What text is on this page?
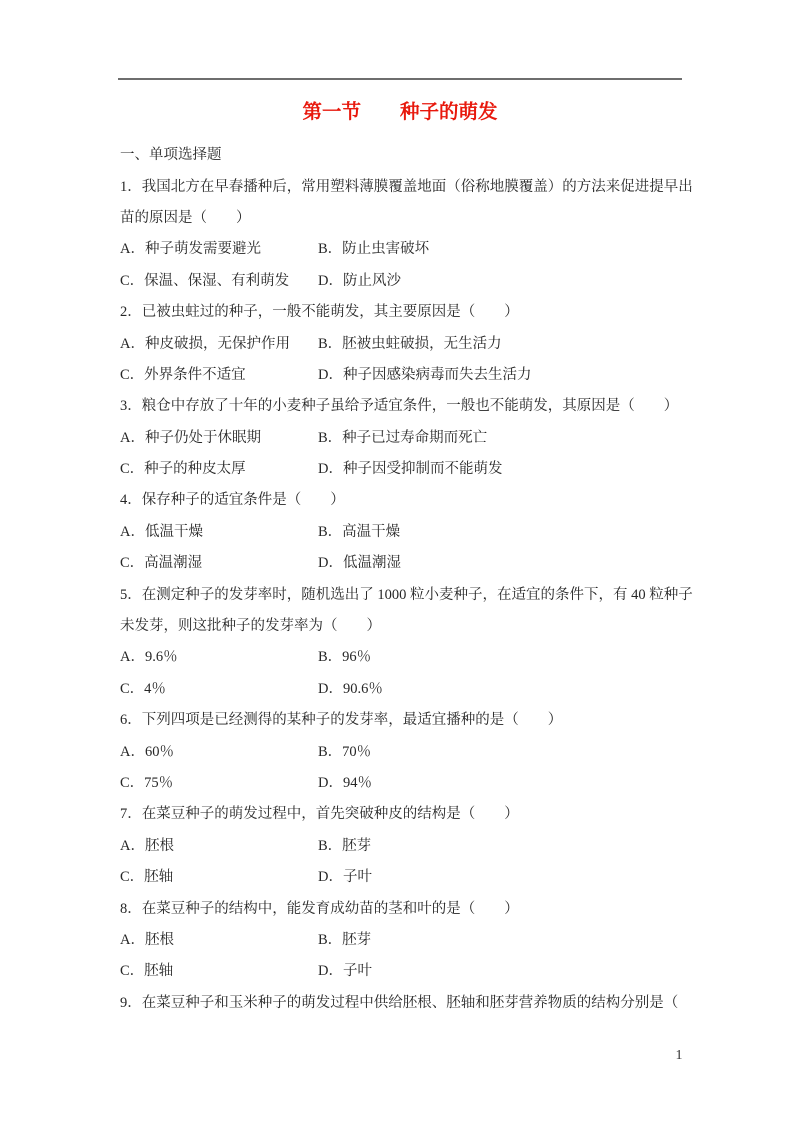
第一节　　种子的萌发
一、单项选择题
1．我国北方在早春播种后，常用塑料薄膜覆盖地面（俗称地膜覆盖）的方法来促进提早出
苗的原因是（　　）
A．种子萌发需要避光	B．防止虫害破坏
C．保温、保湿、有利萌发	D．防止风沙
2．已被虫蛀过的种子，一般不能萌发，其主要原因是（　　）
A．种皮破损，无保护作用	B．胚被虫蛀破损，无生活力
C．外界条件不适宜	D．种子因感染病毒而失去生活力
3．粮仓中存放了十年的小麦种子虽给予适宜条件，一般也不能萌发，其原因是（　　）
A．种子仍处于休眠期	B．种子已过寿命期而死亡
C．种子的种皮太厚	D．种子因受抑制而不能萌发
4．保存种子的适宜条件是（　　）
A．低温干燥	B．高温干燥
C．高温潮湿	D．低温潮湿
5．在测定种子的发芽率时，随机选出了 1000 粒小麦种子，在适宜的条件下，有 40 粒种子
未发芽，则这批种子的发芽率为（　　）
A．9.6％	B．96％
C．4％	D．90.6％
6．下列四项是已经测得的某种子的发芽率，最适宜播种的是（　　）
A．60％	B．70％
C．75％	D．94％
7．在菜豆种子的萌发过程中，首先突破种皮的结构是（　　）
A．胚根	B．胚芽
C．胚轴	D．子叶
8．在菜豆种子的结构中，能发育成幼苗的茎和叶的是（　　）
A．胚根	B．胚芽
C．胚轴	D．子叶
9．在菜豆种子和玉米种子的萌发过程中供给胚根、胚轴和胚芽营养物质的结构分别是（
1
